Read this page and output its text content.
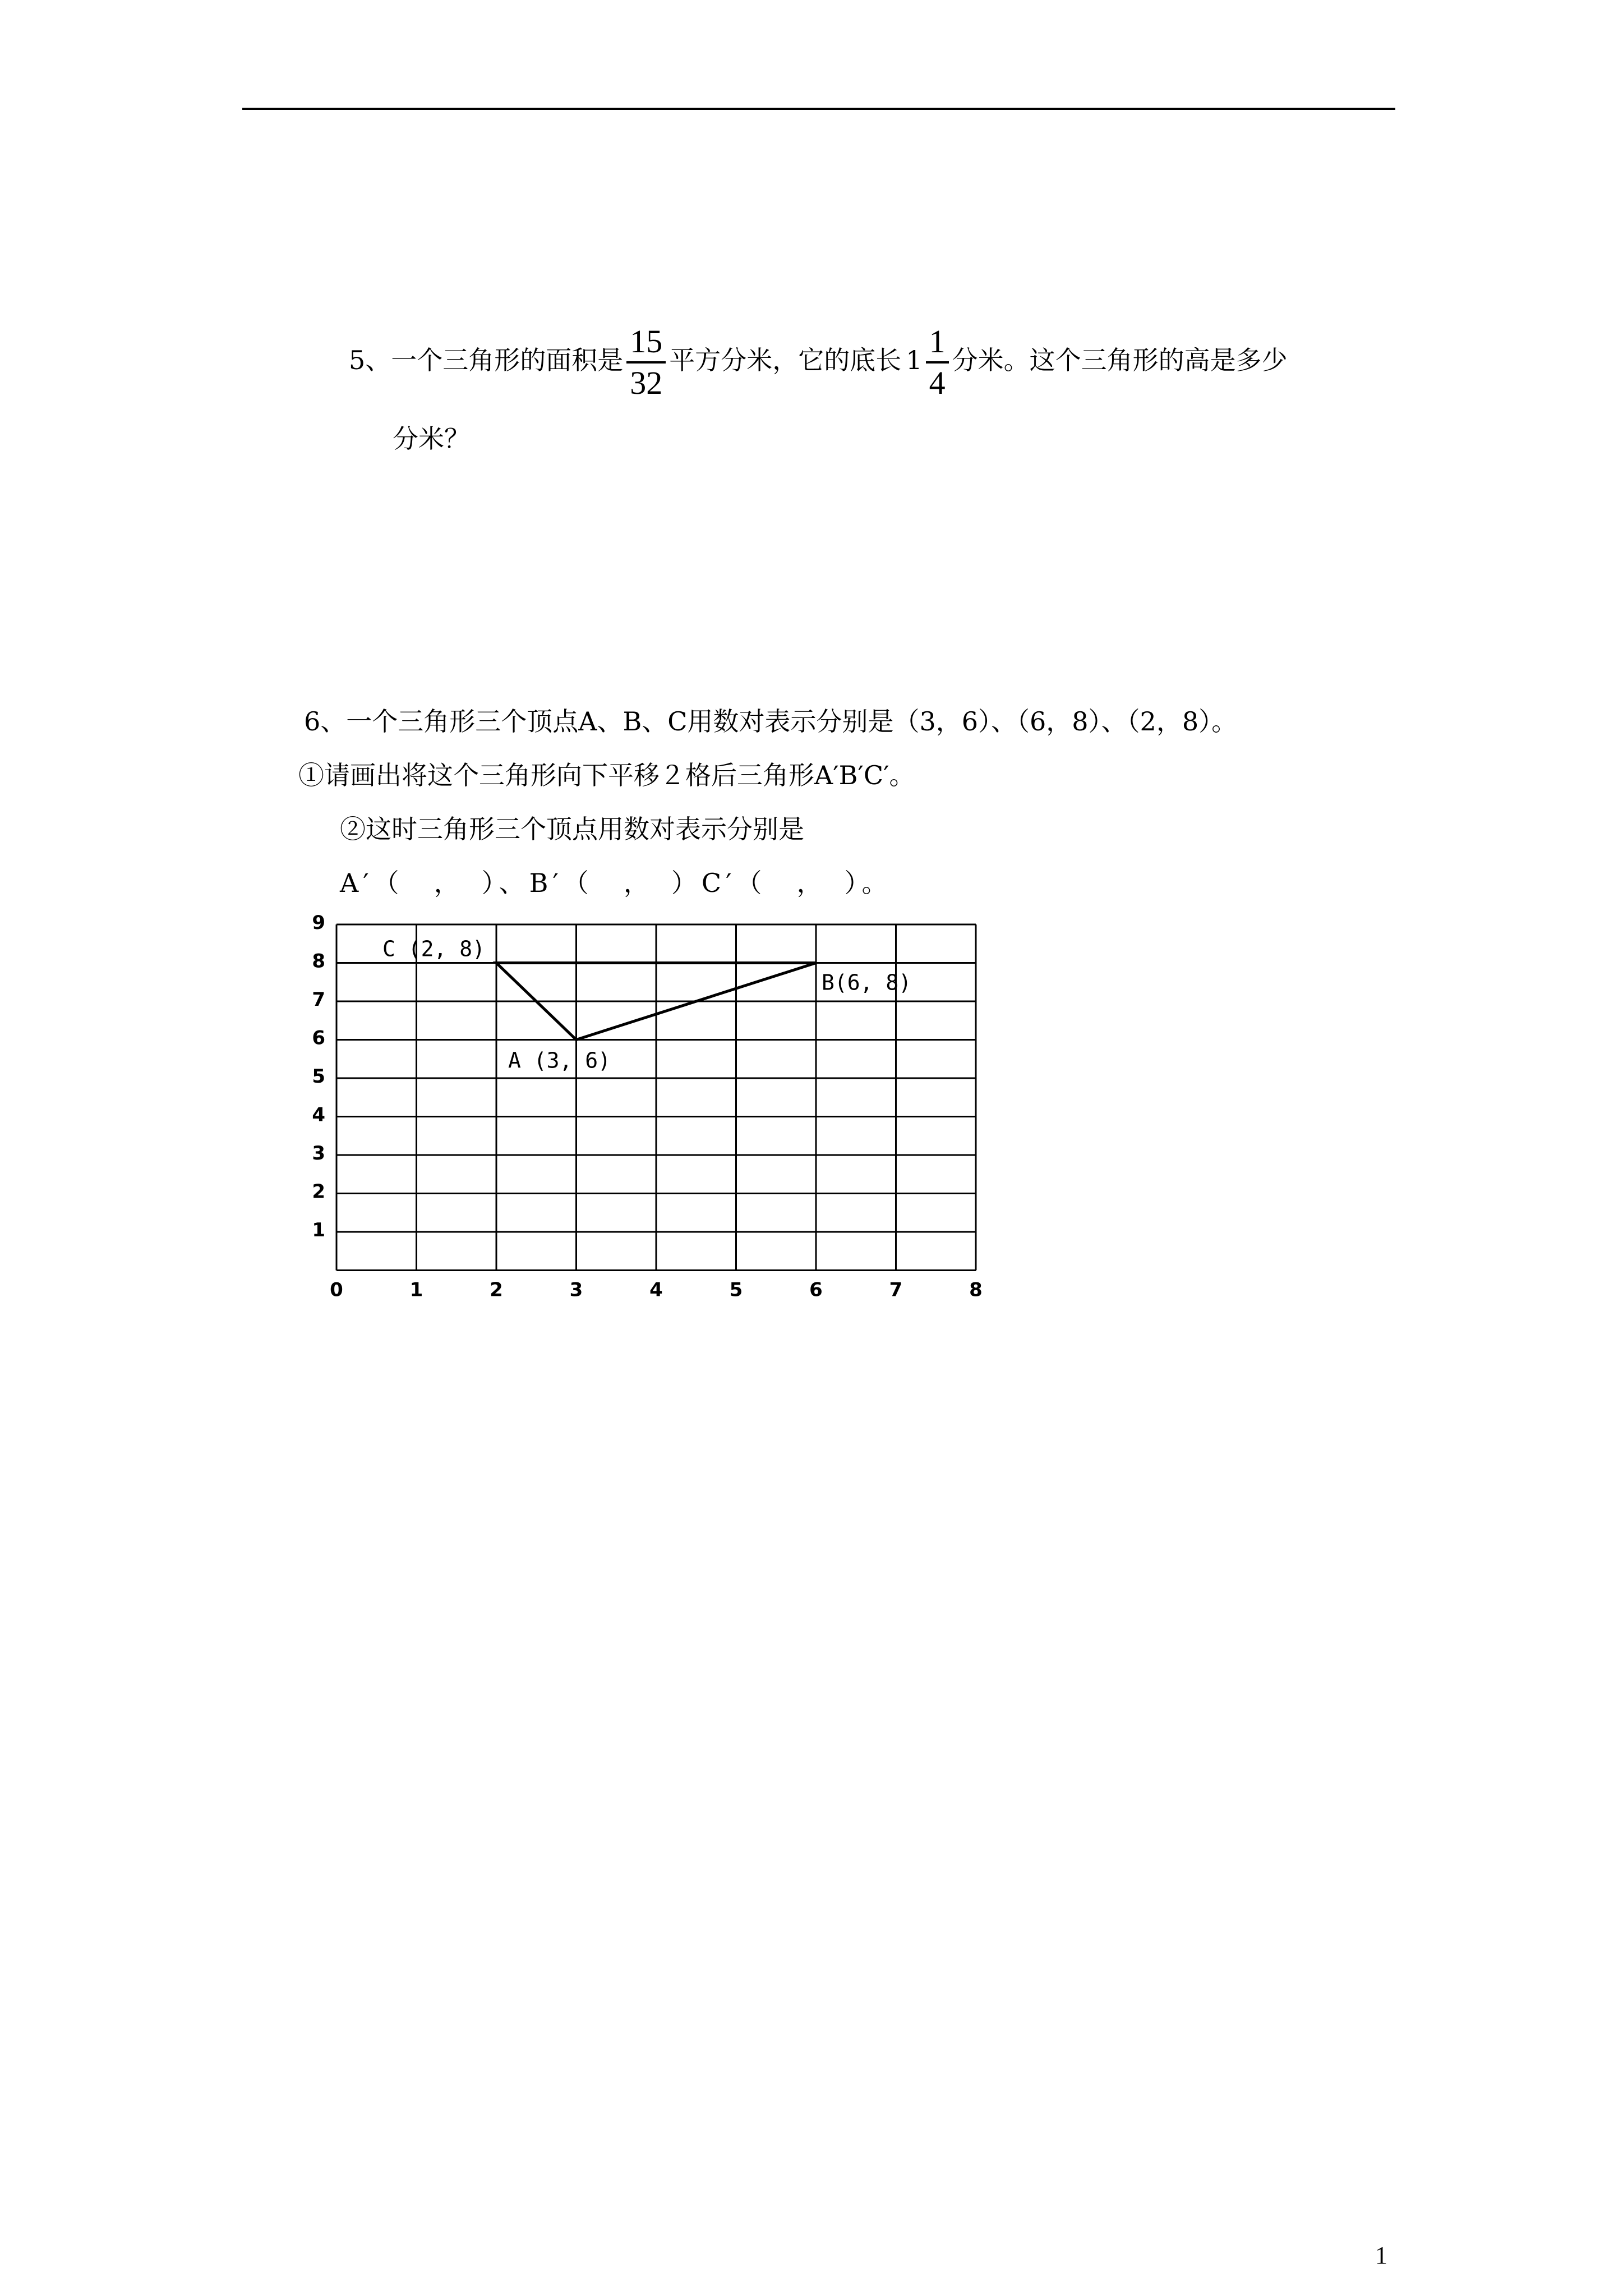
5、一个三角形的面积是 $\frac{15}{32}$ 平方分米，它的底长 $1 \frac{1}{4}$ 分米。这个三角形的高是多少
分米？
6、一个三角形三个顶点A、B、C用数对表示分别是（3，6）、（6，8）、（2，8）。
①请画出将这个三角形向下平移２格后三角形A′B′C′。
②这时三角形三个顶点用数对表示分别是
A′（　，　）、B′（　，　）C′（　，　）。
0	1	2	3	4	5	6	7	8
1
2
3
4
5
6
7
8
9
A (3, 6)
B(6, 8)
C (2, 8)
1
